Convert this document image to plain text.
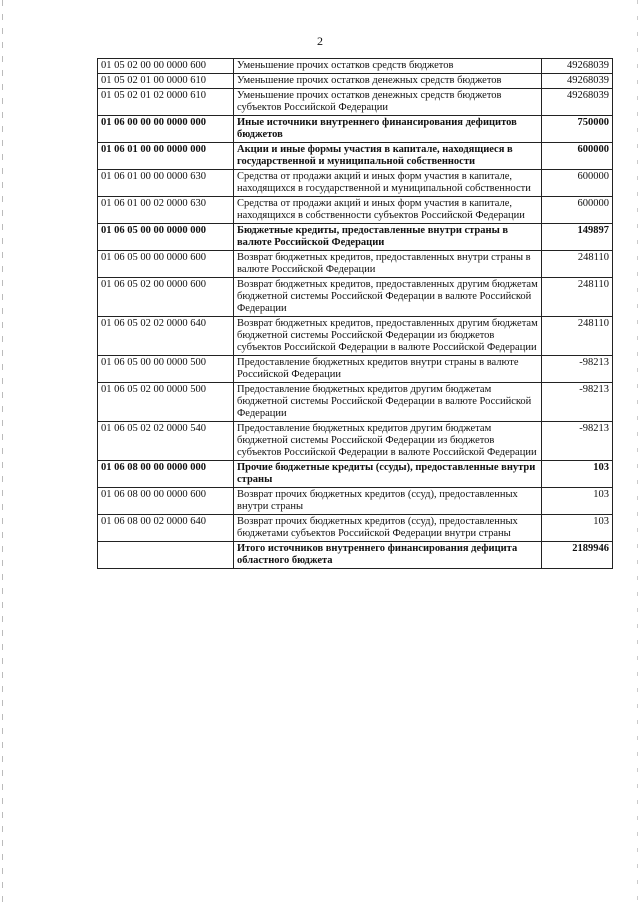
2
01 05 02 00 00 0000 600	Уменьшение прочих остатков средств бюджетов	49268039
01 05 02 01 00 0000 610	Уменьшение прочих остатков денежных средств бюджетов	49268039
01 05 02 01 02 0000 610	Уменьшение прочих остатков денежных средств бюджетов субъектов Российской Федерации	49268039
01 06 00 00 00 0000 000	Иные источники внутреннего финансирования дефицитов бюджетов	750000
01 06 01 00 00 0000 000	Акции и иные формы участия в капитале, находящиеся в государственной и муниципальной собственности	600000
01 06 01 00 00 0000 630	Средства от продажи акций и иных форм участия в капитале, находящихся в государственной и муниципальной собственности	600000
01 06 01 00 02 0000 630	Средства от продажи акций и иных форм участия в капитале, находящихся в собственности субъектов Российской Федерации	600000
01 06 05 00 00 0000 000	Бюджетные кредиты, предоставленные внутри страны в валюте Российской Федерации	149897
01 06 05 00 00 0000 600	Возврат бюджетных кредитов, предоставленных внутри страны в валюте Российской Федерации	248110
01 06 05 02 00 0000 600	Возврат бюджетных кредитов, предоставленных другим бюджетам бюджетной системы Российской Федерации в валюте Российской Федерации	248110
01 06 05 02 02 0000 640	Возврат бюджетных кредитов, предоставленных другим бюджетам бюджетной системы Российской Федерации из бюджетов субъектов Российской Федерации в валюте Российской Федерации	248110
01 06 05 00 00 0000 500	Предоставление бюджетных кредитов внутри страны в валюте Российской Федерации	-98213
01 06 05 02 00 0000 500	Предоставление бюджетных кредитов другим бюджетам бюджетной системы Российской Федерации в валюте Российской Федерации	-98213
01 06 05 02 02 0000 540	Предоставление бюджетных кредитов другим бюджетам бюджетной системы Российской Федерации из бюджетов субъектов Российской Федерации в валюте Российской Федерации	-98213
01 06 08 00 00 0000 000	Прочие бюджетные кредиты (ссуды), предоставленные внутри страны	103
01 06 08 00 00 0000 600	Возврат прочих бюджетных кредитов (ссуд), предоставленных внутри страны	103
01 06 08 00 02 0000 640	Возврат прочих бюджетных кредитов (ссуд), предоставленных бюджетами субъектов Российской Федерации внутри страны	103
	Итого источников внутреннего финансирования дефицита областного бюджета	2189946
